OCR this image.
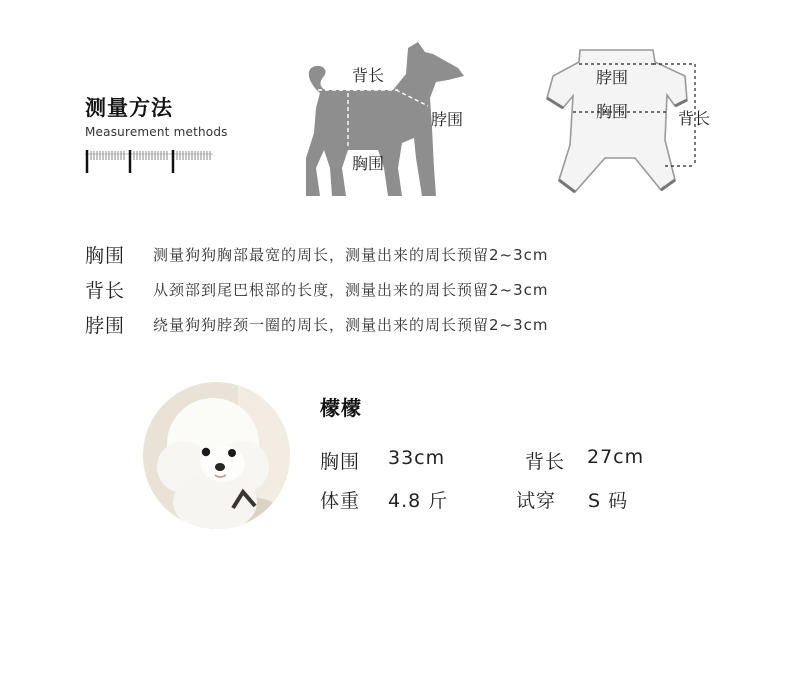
测量方法
Measurement methods
背长
脖围
胸围
脖围
胸围	背长
胸围	测量狗狗胸部最宽的周长，测量出来的周长预留2~3cm
背长	从颈部到尾巴根部的长度，测量出来的周长预留2~3cm
脖围	绕量狗狗脖颈一圈的周长，测量出来的周长预留2~3cm
檬檬
胸围 33cm	背长 27cm
体重 4.8 斤	试穿 S 码
